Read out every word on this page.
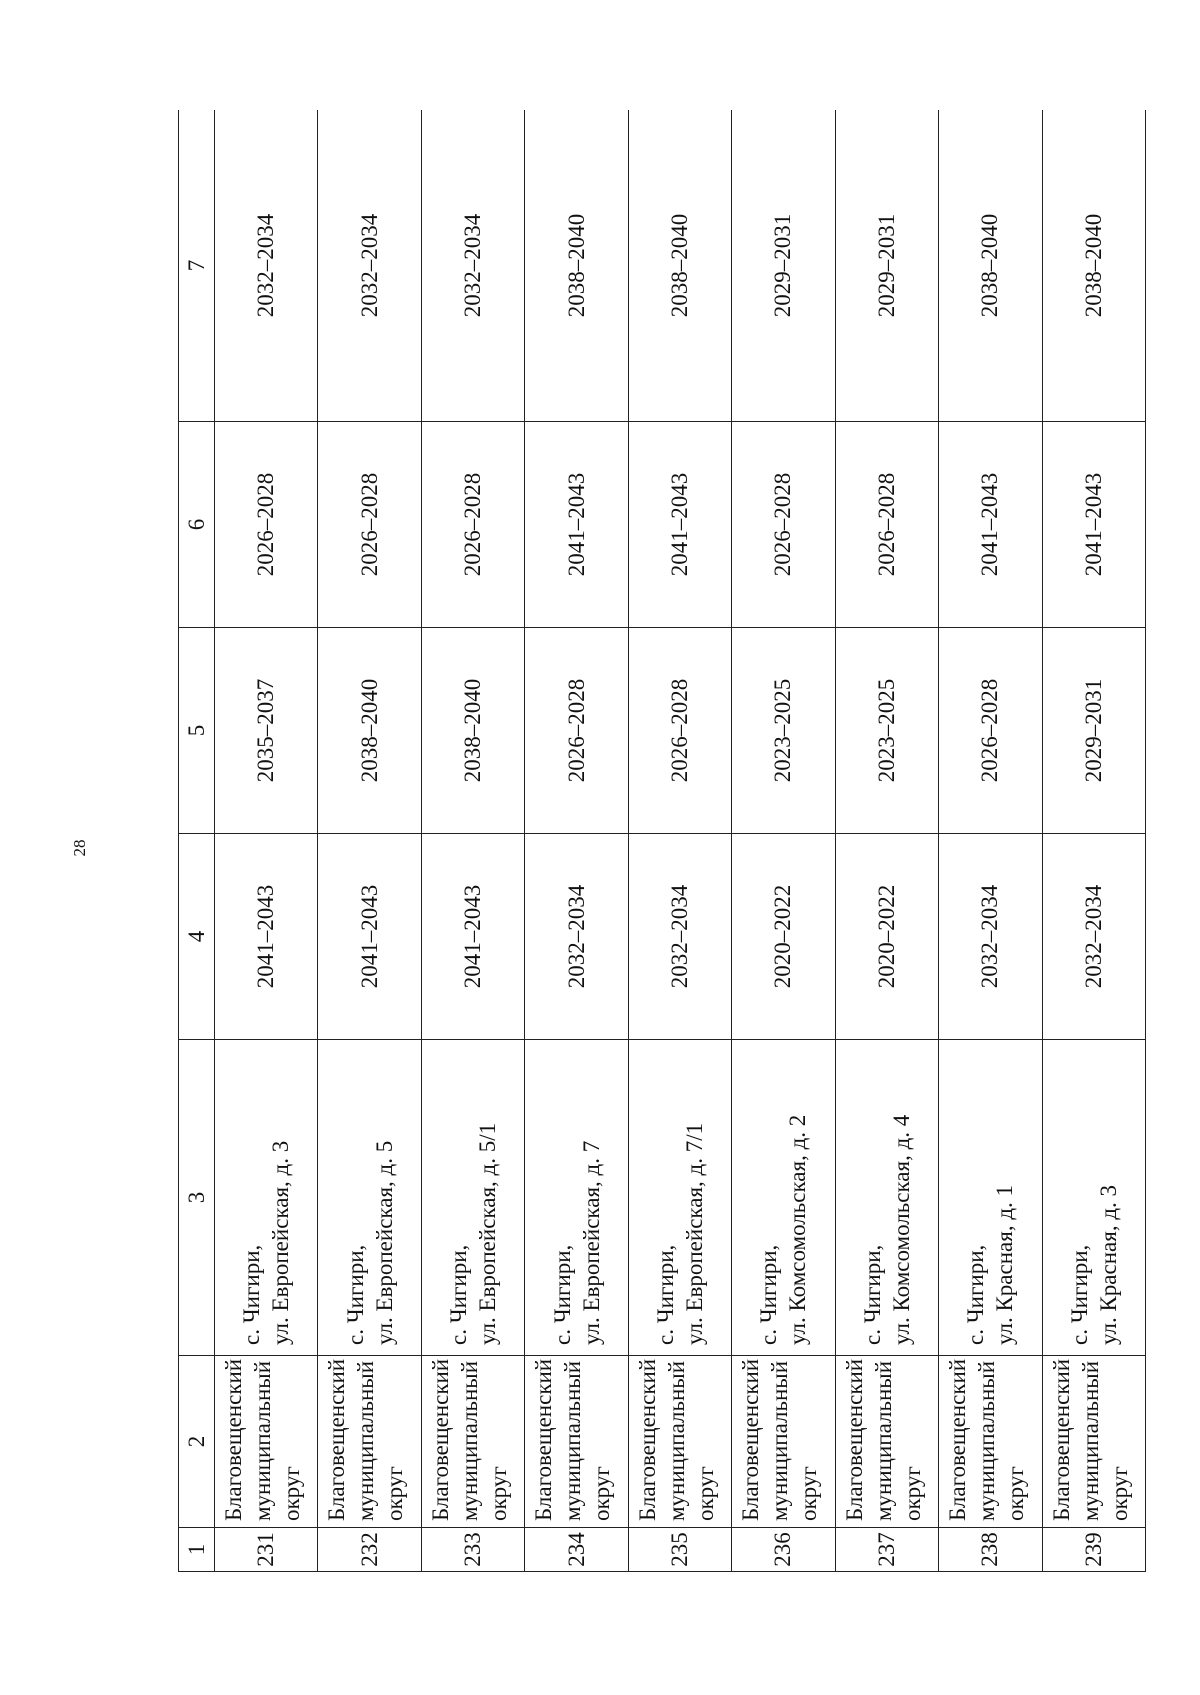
28
1	2	3	4	5	6	7
231	Благовещенский муниципальный округ	с. Чигири, ул. Европейская, д. 3	2041–2043	2035–2037	2026–2028	2032–2034
232	Благовещенский муниципальный округ	с. Чигири, ул. Европейская, д. 5	2041–2043	2038–2040	2026–2028	2032–2034
233	Благовещенский муниципальный округ	с. Чигири, ул. Европейская, д. 5/1	2041–2043	2038–2040	2026–2028	2032–2034
234	Благовещенский муниципальный округ	с. Чигири, ул. Европейская, д. 7	2032–2034	2026–2028	2041–2043	2038–2040
235	Благовещенский муниципальный округ	с. Чигири, ул. Европейская, д. 7/1	2032–2034	2026–2028	2041–2043	2038–2040
236	Благовещенский муниципальный округ	с. Чигири, ул. Комсомольская, д. 2	2020–2022	2023–2025	2026–2028	2029–2031
237	Благовещенский муниципальный округ	с. Чигири, ул. Комсомольская, д. 4	2020–2022	2023–2025	2026–2028	2029–2031
238	Благовещенский муниципальный округ	с. Чигири, ул. Красная, д. 1	2032–2034	2026–2028	2041–2043	2038–2040
239	Благовещенский муниципальный округ	с. Чигири, ул. Красная, д. 3	2032–2034	2029–2031	2041–2043	2038–2040
